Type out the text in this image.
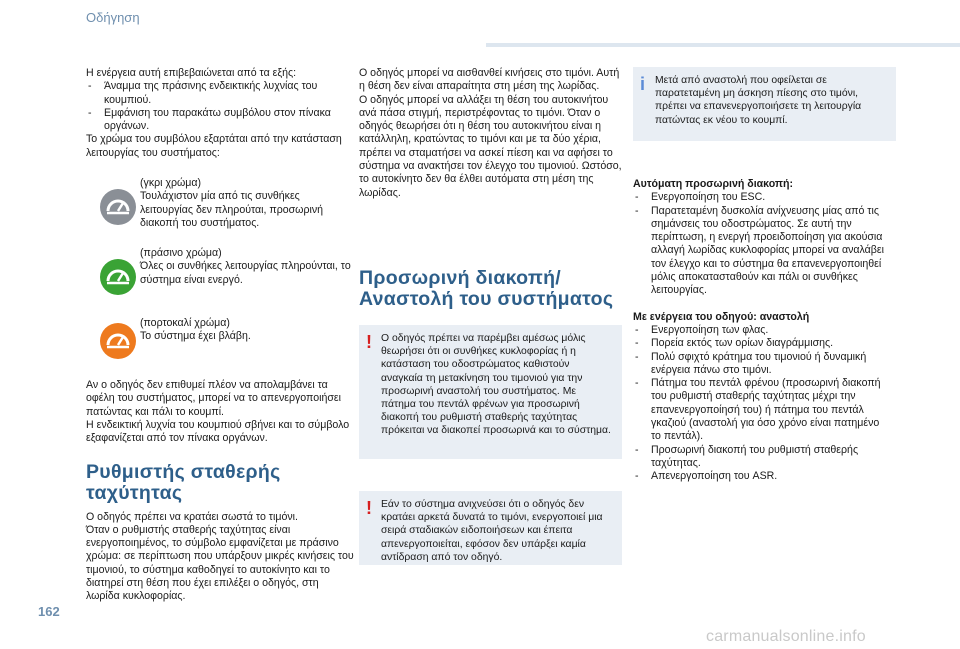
Οδήγηση

Η ενέργεια αυτή επιβεβαιώνεται από τα εξής:

- Άναμμα της πράσινης ενδεικτικής λυχνίας του κουμπιού.
- Εμφάνιση του παρακάτω συμβόλου στον πίνακα οργάνων.

Το χρώμα του συμβόλου εξαρτάται από την κατάσταση λειτουργίας του συστήματος:

(γκρι χρώμα)

Τουλάχιστον μία από τις συνθήκες λειτουργίας δεν πληρούται, προσωρινή διακοπή του συστήματος.

(πράσινο χρώμα)

Όλες οι συνθήκες λειτουργίας πληρούνται, το σύστημα είναι ενεργό.

(πορτοκαλί χρώμα)

Το σύστημα έχει βλάβη.

Αν ο οδηγός δεν επιθυμεί πλέον να απολαμβάνει τα οφέλη του συστήματος, μπορεί να το απενεργοποιήσει πατώντας και πάλι το κουμπί.
Η ενδεικτική λυχνία του κουμπιού σβήνει και το σύμβολο εξαφανίζεται από τον πίνακα οργάνων.

Ρυθμιστής σταθερής ταχύτητας

Ο οδηγός πρέπει να κρατάει σωστά το τιμόνι.
Όταν ο ρυθμιστής σταθερής ταχύτητας είναι ενεργοποιημένος, το σύμβολο εμφανίζεται με πράσινο χρώμα: σε περίπτωση που υπάρξουν μικρές κινήσεις του τιμονιού, το σύστημα καθοδηγεί το αυτοκίνητο και το διατηρεί στη θέση που έχει επιλέξει ο οδηγός, στη λωρίδα κυκλοφορίας.

Ο οδηγός μπορεί να αισθανθεί κινήσεις στο τιμόνι. Αυτή η θέση δεν είναι απαραίτητα στη μέση της λωρίδας.
Ο οδηγός μπορεί να αλλάξει τη θέση του αυτοκινήτου ανά πάσα στιγμή, περιστρέφοντας το τιμόνι. Όταν ο οδηγός θεωρήσει ότι η θέση του αυτοκινήτου είναι η κατάλληλη, κρατώντας το τιμόνι και με τα δύο χέρια, πρέπει να σταματήσει να ασκεί πίεση και να αφήσει το σύστημα να ανακτήσει τον έλεγχο του τιμονιού. Ωστόσο, το αυτοκίνητο δεν θα έλθει αυτόματα στη μέση της λωρίδας.

Προσωρινή διακοπή/ Αναστολή του συστήματος
! Ο οδηγός πρέπει να παρέμβει αμέσως μόλις θεωρήσει ότι οι συνθήκες κυκλοφορίας ή η κατάσταση του οδοστρώματος καθιστούν αναγκαία τη μετακίνηση του τιμονιού για την προσωρινή αναστολή του συστήματος. Με πάτημα του πεντάλ φρένων για προσωρινή διακοπή του ρυθμιστή σταθερής ταχύτητας πρόκειται να διακοπεί προσωρινά και το σύστημα.

! Εάν το σύστημα ανιχνεύσει ότι ο οδηγός δεν κρατάει αρκετά δυνατά το τιμόνι, ενεργοποιεί μια σειρά σταδιακών ειδοποιήσεων και έπειτα απενεργοποιείται, εφόσον δεν υπάρξει καμία αντίδραση από τον οδηγό.

i Μετά από αναστολή που οφείλεται σε παρατεταμένη μη άσκηση πίεσης στο τιμόνι, πρέπει να επανενεργοποιήσετε τη λειτουργία πατώντας εκ νέου το κουμπί.

Αυτόματη προσωρινή διακοπή:

- Ενεργοποίηση του ESC.
- Παρατεταμένη δυσκολία ανίχνευσης μίας από τις σημάνσεις του οδοστρώματος. Σε αυτή την περίπτωση, η ενεργή προειδοποίηση για ακούσια αλλαγή λωρίδας κυκλοφορίας μπορεί να αναλάβει τον έλεγχο και το σύστημα θα επανενεργοποιηθεί μόλις αποκατασταθούν και πάλι οι συνθήκες λειτουργίας.

Με ενέργεια του οδηγού: αναστολή

- Ενεργοποίηση των φλας.
- Πορεία εκτός των ορίων διαγράμμισης.
- Πολύ σφιχτό κράτημα του τιμονιού ή δυναμική ενέργεια πάνω στο τιμόνι.
- Πάτημα του πεντάλ φρένου (προσωρινή διακοπή του ρυθμιστή σταθερής ταχύτητας μέχρι την επανενεργοποίησή του) ή πάτημα του πεντάλ γκαζιού (αναστολή για όσο χρόνο είναι πατημένο το πεντάλ).
- Προσωρινή διακοπή του ρυθμιστή σταθερής ταχύτητας.
- Απενεργοποίηση του ASR.
162
carmanualsonline.info
